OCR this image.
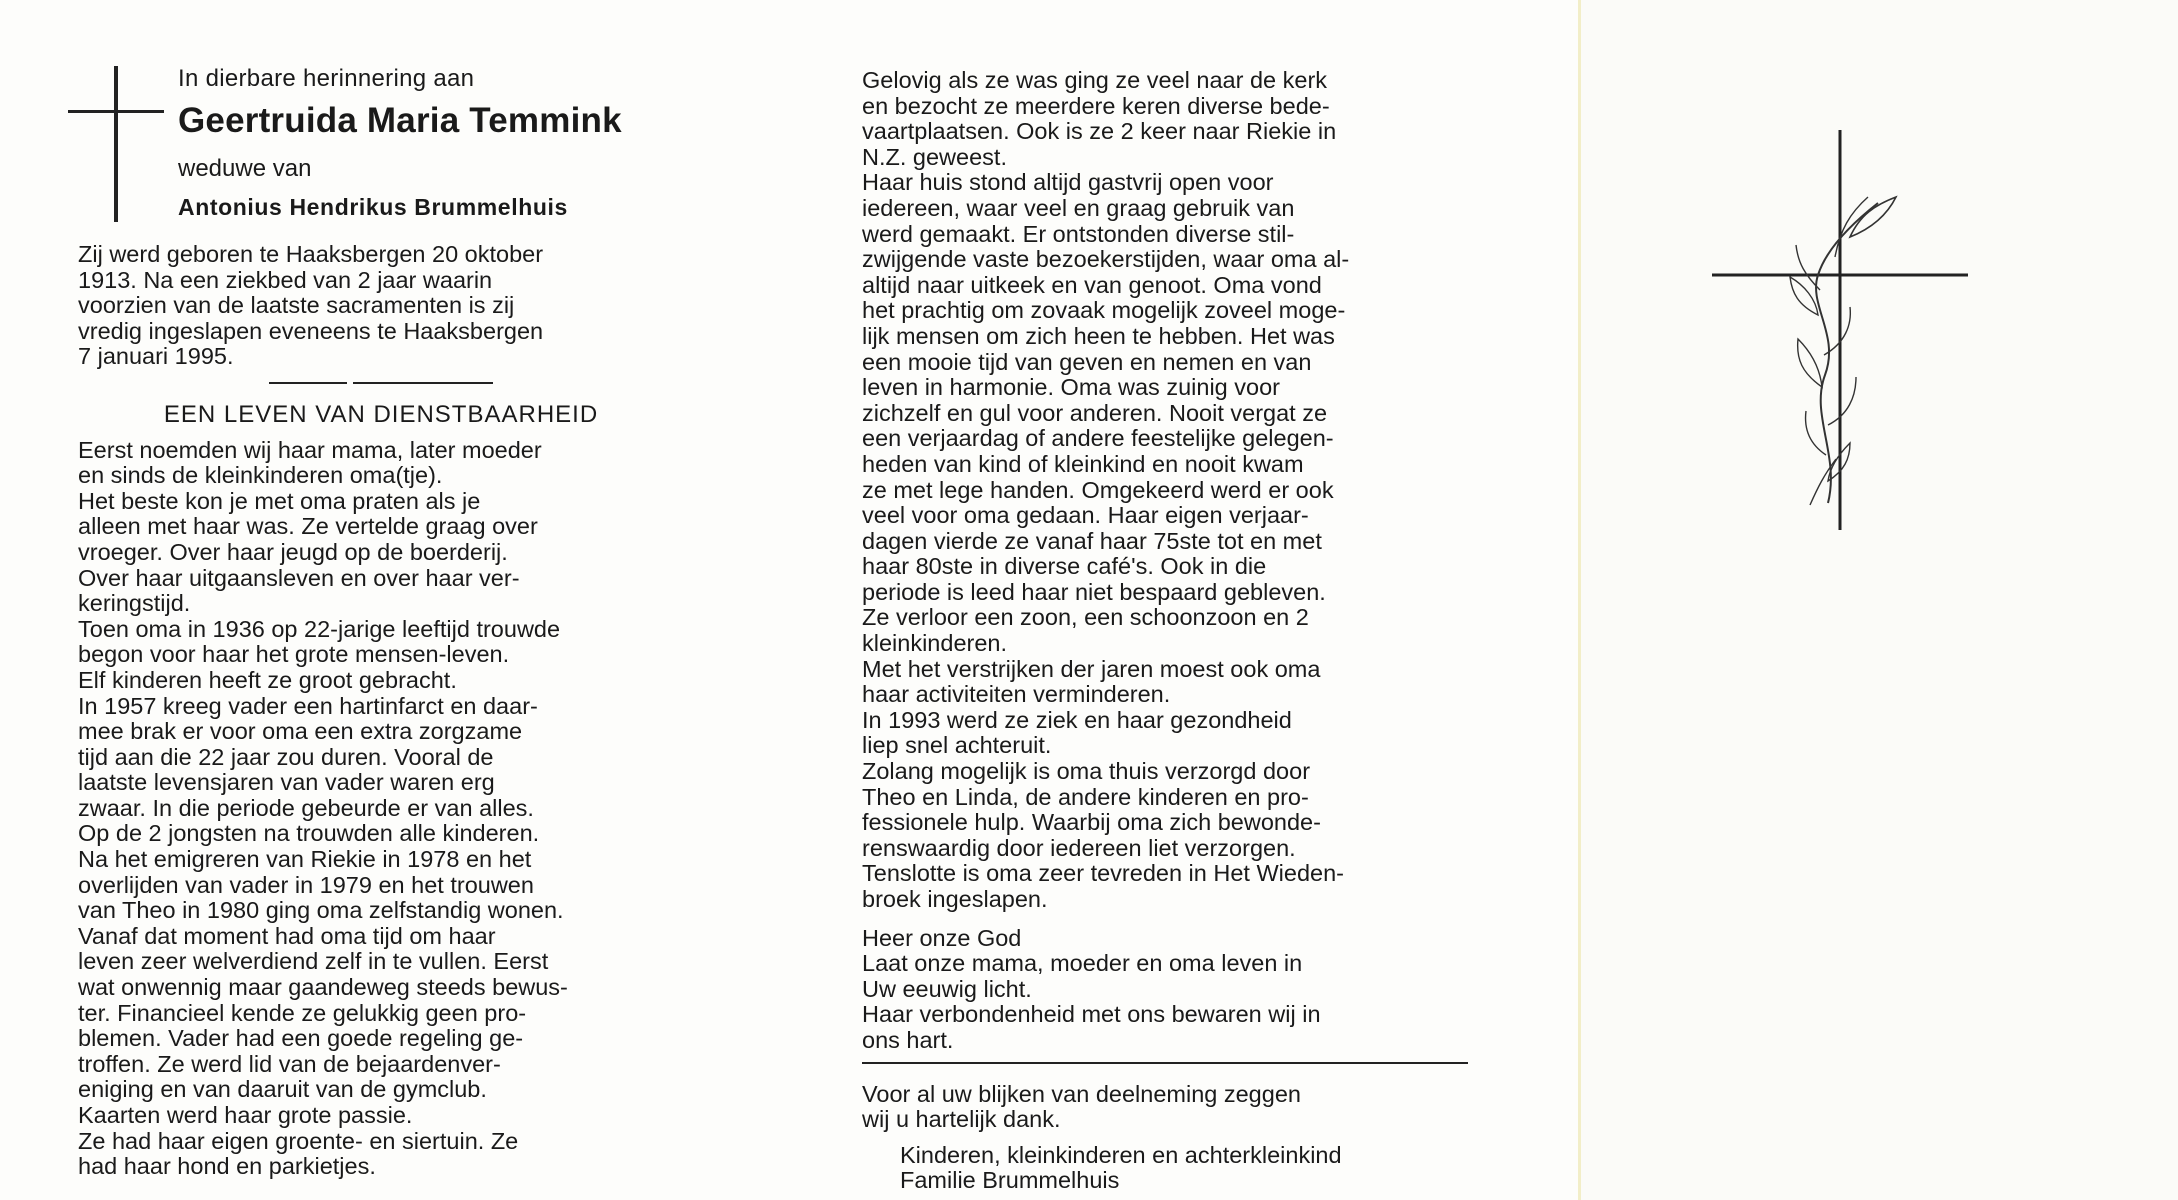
In dierbare herinnering aan
Geertruida Maria Temmink
weduwe van
Antonius Hendrikus Brummelhuis

Zij werd geboren te Haaksbergen 20 oktober

1913. Na een ziekbed van 2 jaar waarin

voorzien van de laatste sacramenten is zij

vredig ingeslapen eveneens te Haaksbergen

7 januari 1995.

EEN LEVEN VAN DIENSTBAARHEID

Eerst noemden wij haar mama, later moeder

en sinds de kleinkinderen oma(tje).

Het beste kon je met oma praten als je

alleen met haar was. Ze vertelde graag over

vroeger. Over haar jeugd op de boerderij.

Over haar uitgaansleven en over haar ver-

keringstijd.

Toen oma in 1936 op 22-jarige leeftijd trouwde

begon voor haar het grote mensen-leven.

Elf kinderen heeft ze groot gebracht.

In 1957 kreeg vader een hartinfarct en daar-

mee brak er voor oma een extra zorgzame

tijd aan die 22 jaar zou duren. Vooral de

laatste levensjaren van vader waren erg

zwaar. In die periode gebeurde er van alles.

Op de 2 jongsten na trouwden alle kinderen.

Na het emigreren van Riekie in 1978 en het

overlijden van vader in 1979 en het trouwen

van Theo in 1980 ging oma zelfstandig wonen.

Vanaf dat moment had oma tijd om haar

leven zeer welverdiend zelf in te vullen. Eerst

wat onwennig maar gaandeweg steeds bewus-

ter. Financieel kende ze gelukkig geen pro-

blemen. Vader had een goede regeling ge-

troffen. Ze werd lid van de bejaardenver-

eniging en van daaruit van de gymclub.

Kaarten werd haar grote passie.

Ze had haar eigen groente- en siertuin. Ze

had haar hond en parkietjes.

Gelovig als ze was ging ze veel naar de kerk

en bezocht ze meerdere keren diverse bede-

vaartplaatsen. Ook is ze 2 keer naar Riekie in

N.Z. geweest.

Haar huis stond altijd gastvrij open voor

iedereen, waar veel en graag gebruik van

werd gemaakt. Er ontstonden diverse stil-

zwijgende vaste bezoekerstijden, waar oma al-

altijd naar uitkeek en van genoot. Oma vond

het prachtig om zovaak mogelijk zoveel moge-

lijk mensen om zich heen te hebben. Het was

een mooie tijd van geven en nemen en van

leven in harmonie. Oma was zuinig voor

zichzelf en gul voor anderen. Nooit vergat ze

een verjaardag of andere feestelijke gelegen-

heden van kind of kleinkind en nooit kwam

ze met lege handen. Omgekeerd werd er ook

veel voor oma gedaan. Haar eigen verjaar-

dagen vierde ze vanaf haar 75ste tot en met

haar 80ste in diverse café's. Ook in die

periode is leed haar niet bespaard gebleven.

Ze verloor een zoon, een schoonzoon en 2

kleinkinderen.

Met het verstrijken der jaren moest ook oma

haar activiteiten verminderen.

In 1993 werd ze ziek en haar gezondheid

liep snel achteruit.

Zolang mogelijk is oma thuis verzorgd door

Theo en Linda, de andere kinderen en pro-

fessionele hulp. Waarbij oma zich bewonde-

renswaardig door iedereen liet verzorgen.

Tenslotte is oma zeer tevreden in Het Wieden-

broek ingeslapen.

Heer onze God

Laat onze mama, moeder en oma leven in

Uw eeuwig licht.

Haar verbondenheid met ons bewaren wij in

ons hart.

Voor al uw blijken van deelneming zeggen

wij u hartelijk dank.

Kinderen, kleinkinderen en achterkleinkind

Familie Brummelhuis
